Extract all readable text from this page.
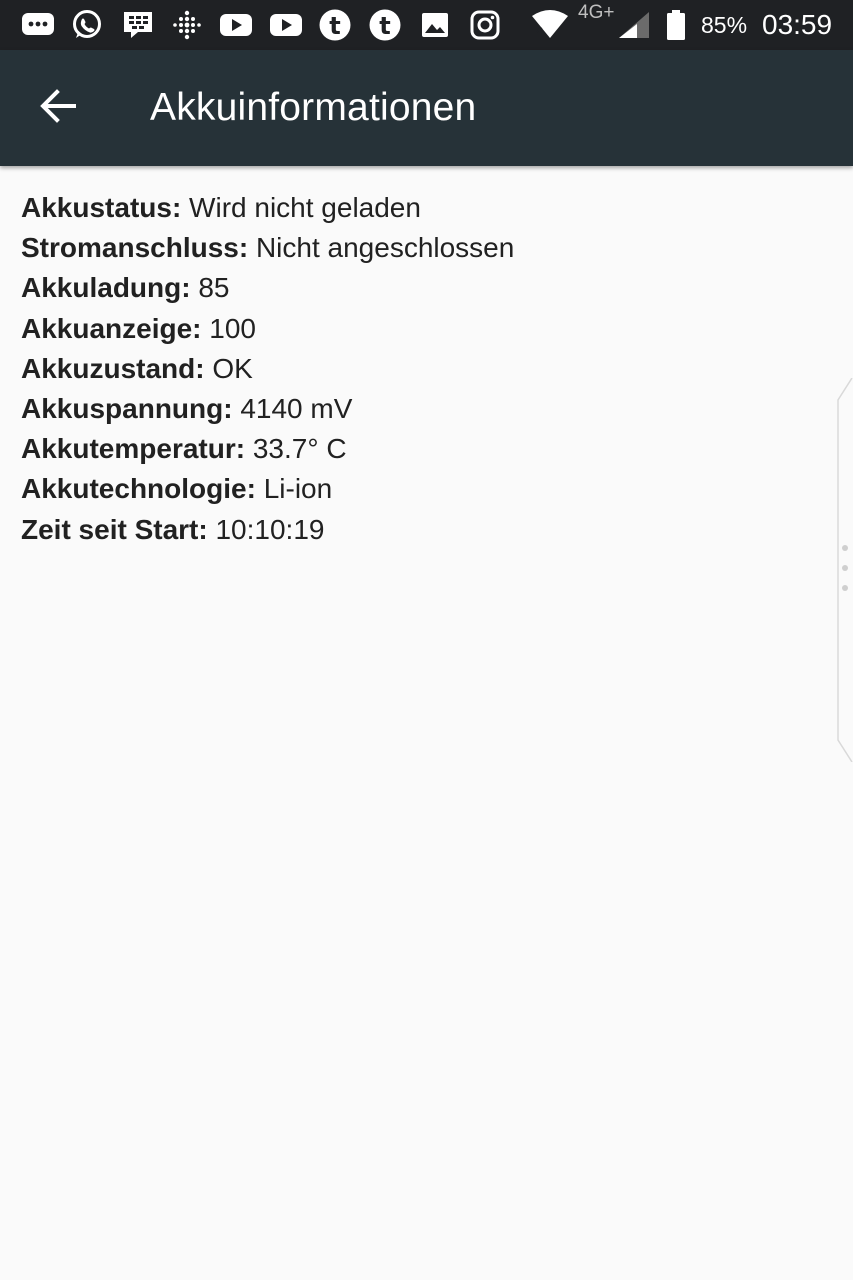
t t	4G+	85% 03:59
Akkuinformationen
Akkustatus: Wird nicht geladen
Stromanschluss: Nicht angeschlossen
Akkuladung: 85
Akkuanzeige: 100
Akkuzustand: OK
Akkuspannung: 4140 mV
Akkutemperatur: 33.7° C
Akkutechnologie: Li-ion
Zeit seit Start: 10:10:19
